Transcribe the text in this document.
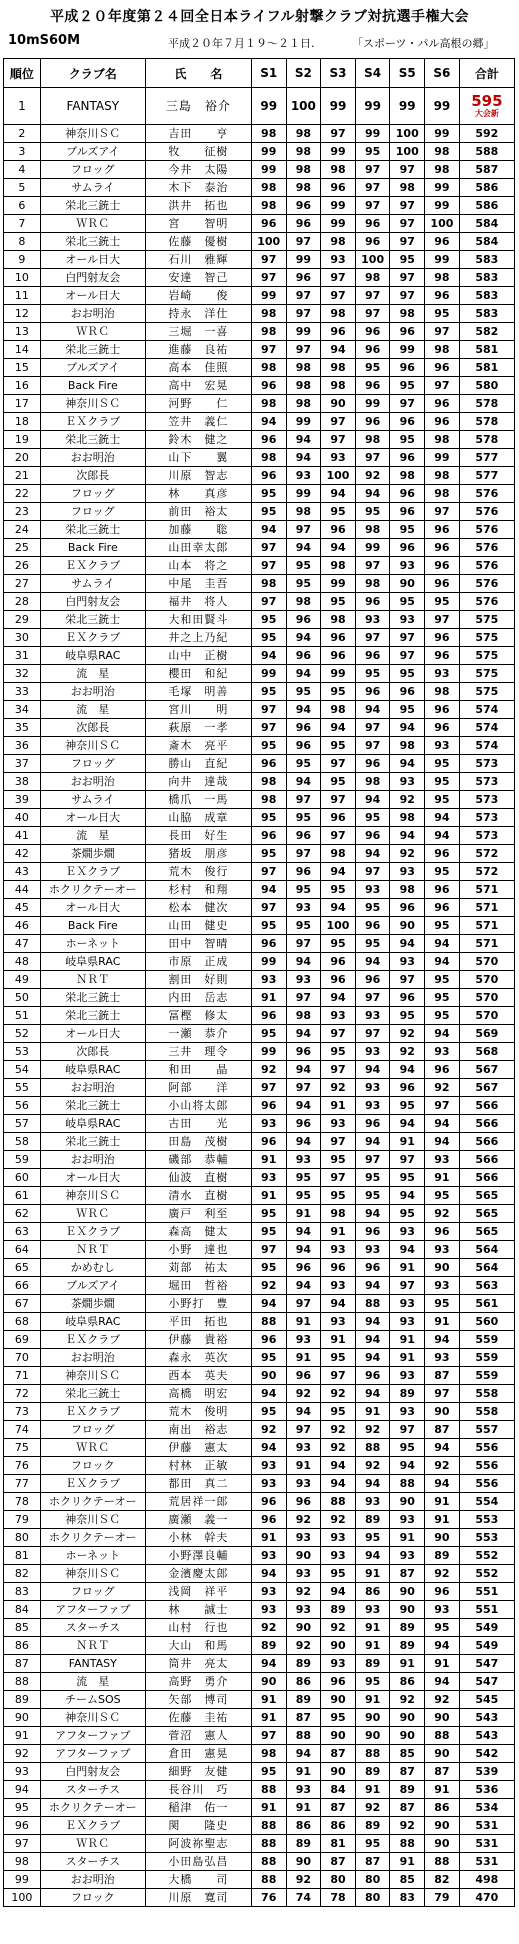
平成２０年度第２４回全日本ライフル射撃クラブ対抗選手権大会
10mS60M	平成２０年７月１９～２１日.	「スポーツ・パル高根の郷」
順位	クラブ名	氏　　名	S1	S2	S3	S4	S5	S6	合計
1	FANTASY	三島　裕介	99	100	99	99	99	99	595
大会新

2	神奈川ＳＣ	吉田　　亨	98	98	97	99	100	99	592
3	ブルズアイ	牧　　征樹	99	98	99	95	100	98	588
4	フロッグ	今井　太陽	99	98	98	97	97	98	587
5	サムライ	木下　泰治	98	98	96	97	98	99	586
6	栄北三銃士	洪井　拓也	98	96	99	97	97	99	586
7	ＷＲＣ	宮　　智明	96	96	99	96	97	100	584
8	栄北三銃士	佐藤　優樹	100	97	98	96	97	96	584
9	オール日大	石川　雅輝	97	99	93	100	95	99	583
10	白門射友会	安達　智己	97	96	97	98	97	98	583
11	オール日大	岩崎　　俊	99	97	97	97	97	96	583
12	おお明治	持永　洋仕	98	97	98	97	98	95	583
13	ＷＲＣ	三堀　一喜	98	99	96	96	96	97	582
14	栄北三銃士	進藤　良祐	97	97	94	96	99	98	581
15	ブルズアイ	高本　佳照	98	98	98	95	96	96	581
16	Back Fire	高中　宏晃	96	98	98	96	95	97	580
17	神奈川ＳＣ	河野　　仁	98	98	90	99	97	96	578
18	ＥＸクラブ	笠井　義仁	94	99	97	96	96	96	578
19	栄北三銃士	鈴木　健之	96	94	97	98	95	98	578
20	おお明治	山下　　翼	98	94	93	97	96	99	577
21	次郎長	川原　智志	96	93	100	92	98	98	577
22	フロッグ	林　　真彦	95	99	94	94	96	98	576
23	フロッグ	前田　裕太	95	98	95	95	96	97	576
24	栄北三銃士	加藤　　聡	94	97	96	98	95	96	576
25	Back Fire	山田幸太郎	97	94	94	99	96	96	576
26	ＥＸクラブ	山本　将之	97	95	98	97	93	96	576
27	サムライ	中尾　圭吾	98	95	99	98	90	96	576
28	白門射友会	福井　将人	97	98	95	96	95	95	576
29	栄北三銃士	大和田賢斗	95	96	98	93	93	97	575
30	ＥＸクラブ	井之上乃紀	95	94	96	97	97	96	575
31	岐阜県RAC	山中　正樹	94	96	96	96	97	96	575
32	流　星	櫻田　和紀	99	94	99	95	95	93	575
33	おお明治	毛塚　明善	95	95	95	96	96	98	575
34	流　星	宮川　　明	97	94	98	94	95	96	574
35	次郎長	萩原　一孝	97	96	94	97	94	96	574
36	神奈川ＳＣ	斎木　亮平	95	96	95	97	98	93	574
37	フロッグ	勝山　直紀	96	95	97	96	94	95	573
38	おお明治	向井　達哉	98	94	95	98	93	95	573
39	サムライ	橋爪　一馬	98	97	97	94	92	95	573
40	オール日大	山脇　成章	95	95	96	95	98	94	573
41	流　星	長田　好生	96	96	97	96	94	94	573
42	茶燗歩燗	猪坂　朋彦	95	97	98	94	92	96	572
43	ＥＸクラブ	荒木　俊行	97	96	94	97	93	95	572
44	ホクリクテーオー	杉村　和翔	94	95	95	93	98	96	571
45	オール日大	松本　健次	97	93	94	95	96	96	571
46	Back Fire	山田　健史	95	95	100	96	90	95	571
47	ホーネット	田中　智晴	96	97	95	95	94	94	571
48	岐阜県RAC	市原　正成	99	94	96	94	93	94	570
49	ＮＲＴ	割田　好則	93	93	96	96	97	95	570
50	栄北三銃士	内田　岳志	91	97	94	97	96	95	570
51	栄北三銃士	冨樫　修太	96	98	93	93	95	95	570
52	オール日大	一瀬　恭介	95	94	97	97	92	94	569
53	次郎長	三井　理令	99	96	95	93	92	93	568
54	岐阜県RAC	和田　　晶	92	94	97	94	94	96	567
55	おお明治	阿部　　洋	97	97	92	93	96	92	567
56	栄北三銃士	小山将太郎	96	94	91	93	95	97	566
57	岐阜県RAC	古田　　光	93	96	93	96	94	94	566
58	栄北三銃士	田島　茂樹	96	94	97	94	91	94	566
59	おお明治	磯部　恭輔	91	93	95	97	97	93	566
60	オール日大	仙波　直樹	93	95	97	95	95	91	566
61	神奈川ＳＣ	清水　直樹	91	95	95	95	94	95	565
62	ＷＲＣ	廣戸　利至	95	91	98	94	95	92	565
63	ＥＸクラブ	森高　健太	95	94	91	96	93	96	565
64	ＮＲＴ	小野　達也	97	94	93	93	94	93	564
65	かめむし	苅部　祐太	95	96	96	96	91	90	564
66	ブルズアイ	堀田　哲裕	92	94	93	94	97	93	563
67	茶燗歩燗	小野打　豊	94	97	94	88	93	95	561
68	岐阜県RAC	平田　拓也	88	91	93	94	93	91	560
69	ＥＸクラブ	伊藤　貴裕	96	93	91	94	91	94	559
70	おお明治	森永　英次	95	91	95	94	91	93	559
71	神奈川ＳＣ	西本　英夫	90	96	97	96	93	87	559
72	栄北三銃士	高橋　明宏	94	92	92	94	89	97	558
73	ＥＸクラブ	荒木　俊明	95	94	95	91	93	90	558
74	フロッグ	南出　裕志	92	97	92	92	97	87	557
75	ＷＲＣ	伊藤　憲太	94	93	92	88	95	94	556
76	フロック	村林　正敏	93	91	94	92	94	92	556
77	ＥＸクラブ	都田　真二	93	93	94	94	88	94	556
78	ホクリクテーオー	荒居祥一郎	96	96	88	93	90	91	554
79	神奈川ＳＣ	廣瀬　義一	96	92	92	89	93	91	553
80	ホクリクテーオー	小林　幹夫	91	93	93	95	91	90	553
81	ホーネット	小野澤良輔	93	90	93	94	93	89	552
82	神奈川ＳＣ	金濱慶太郎	94	93	95	91	87	92	552
83	フロッグ	浅岡　祥平	93	92	94	86	90	96	551
84	アフターファブ	林　　誠士	93	93	89	93	90	93	551
85	スターチス	山村　行也	92	90	92	91	89	95	549
86	ＮＲＴ	大山　和馬	89	92	90	91	89	94	549
87	FANTASY	筒井　亮太	94	89	93	89	91	91	547
88	流　星	高野　勇介	90	86	96	95	86	94	547
89	チームSOS	矢部　博司	91	89	90	91	92	92	545
90	神奈川ＳＣ	佐藤　圭祐	91	87	95	90	90	90	543
91	アフターファブ	菅沼　憲人	97	88	90	90	90	88	543
92	アフターファブ	倉田　憲晃	98	94	87	88	85	90	542
93	白門射友会	細野　友健	95	91	90	89	87	87	539
94	スターチス	長谷川　巧	88	93	84	91	89	91	536
95	ホクリクテーオー	稲津　佑一	91	91	87	92	87	86	534
96	ＥＸクラブ	関　　隆史	88	86	86	89	92	90	531
97	ＷＲＣ	阿波祢聖志	88	89	81	95	88	90	531
98	スターチス	小田島弘昌	88	90	87	87	91	88	531
99	おお明治	大橋　　司	88	92	80	80	85	82	498
100	フロック	川原　寛司	76	74	78	80	83	79	470
